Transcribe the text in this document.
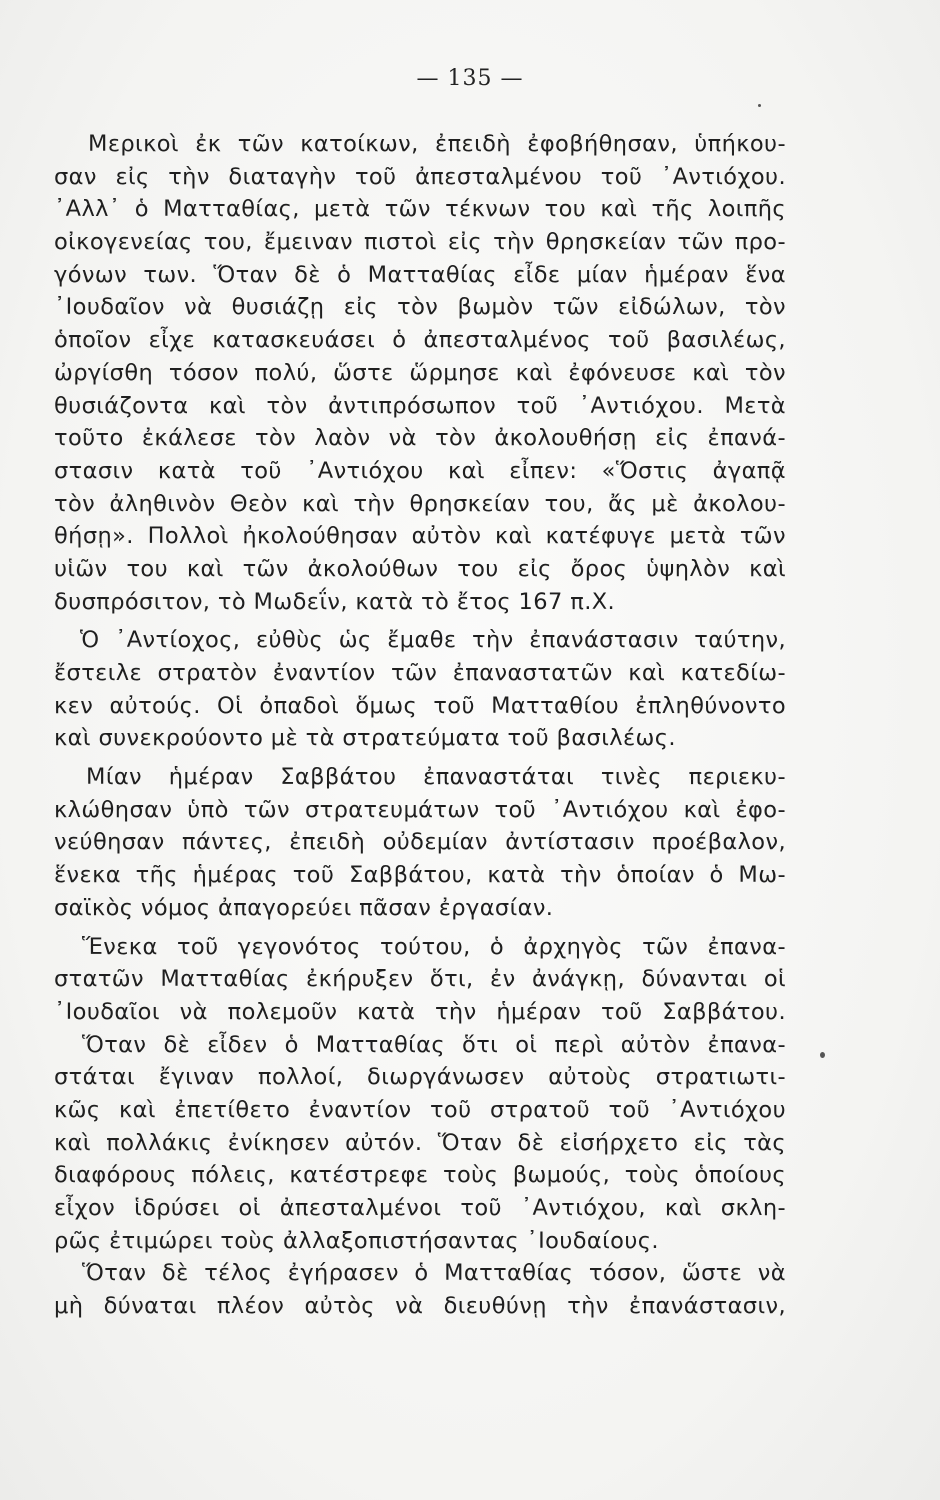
— 135 —
Μερικοὶ ἐκ τῶν κατοίκων, ἐπειδὴ ἐφοβήθησαν, ὑπήκου-
σαν εἰς τὴν διαταγὴν τοῦ ἀπεσταλμένου τοῦ ᾽Αντιόχου.
᾽Αλλ᾽ ὁ Ματταθίας, μετὰ τῶν τέκνων του καὶ τῆς λοιπῆς
οἰκογενείας του, ἔμειναν πιστοὶ εἰς τὴν θρησκείαν τῶν προ-
γόνων των. Ὅταν δὲ ὁ Ματταθίας εἶδε μίαν ἡμέραν ἕνα
᾽Ιουδαῖον νὰ θυσιάζῃ εἰς τὸν βωμὸν τῶν εἰδώλων, τὸν
ὁποῖον εἶχε κατασκευάσει ὁ ἀπεσταλμένος τοῦ βασιλέως,
ὠργίσθη τόσον πολύ, ὥστε ὥρμησε καὶ ἐφόνευσε καὶ τὸν
θυσιάζοντα καὶ τὸν ἀντιπρόσωπον τοῦ ᾽Αντιόχου. Μετὰ
τοῦτο ἐκάλεσε τὸν λαὸν νὰ τὸν ἀκολουθήσῃ εἰς ἐπανά-
στασιν κατὰ τοῦ ᾽Αντιόχου καὶ εἶπεν: «Ὅστις ἀγαπᾷ
τὸν ἀληθινὸν Θεὸν καὶ τὴν θρησκείαν του, ἄς μὲ ἀκολου-
θήσῃ». Πολλοὶ ἠκολούθησαν αὐτὸν καὶ κατέφυγε μετὰ τῶν
υἱῶν του καὶ τῶν ἀκολούθων του εἰς ὄρος ὑψηλὸν καὶ
δυσπρόσιτον, τὸ Μωδεΐν, κατὰ τὸ ἔτος 167 π.Χ.
Ὁ ᾽Αντίοχος, εὐθὺς ὡς ἔμαθε τὴν ἐπανάστασιν ταύτην,
ἔστειλε στρατὸν ἐναντίον τῶν ἐπαναστατῶν καὶ κατεδίω-
κεν αὐτούς. Οἱ ὀπαδοὶ ὅμως τοῦ Ματταθίου ἐπληθύνοντο
καὶ συνεκρούοντο μὲ τὰ στρατεύματα τοῦ βασιλέως.
Μίαν ἡμέραν Σαββάτου ἐπαναστάται τινὲς περιεκυ-
κλώθησαν ὑπὸ τῶν στρατευμάτων τοῦ ᾽Αντιόχου καὶ ἐφο-
νεύθησαν πάντες, ἐπειδὴ οὐδεμίαν ἀντίστασιν προέβαλον,
ἕνεκα τῆς ἡμέρας τοῦ Σαββάτου, κατὰ τὴν ὁποίαν ὁ Μω-
σαϊκὸς νόμος ἀπαγορεύει πᾶσαν ἐργασίαν.
Ἕνεκα τοῦ γεγονότος τούτου, ὁ ἀρχηγὸς τῶν ἐπανα-
στατῶν Ματταθίας ἐκήρυξεν ὅτι, ἐν ἀνάγκῃ, δύνανται οἱ
᾽Ιουδαῖοι νὰ πολεμοῦν κατὰ τὴν ἡμέραν τοῦ Σαββάτου.
Ὅταν δὲ εἶδεν ὁ Ματταθίας ὅτι οἱ περὶ αὐτὸν ἐπανα-
στάται ἔγιναν πολλοί, διωργάνωσεν αὐτοὺς στρατιωτι-
κῶς καὶ ἐπετίθετο ἐναντίον τοῦ στρατοῦ τοῦ ᾽Αντιόχου
καὶ πολλάκις ἐνίκησεν αὐτόν. Ὅταν δὲ εἰσήρχετο εἰς τὰς
διαφόρους πόλεις, κατέστρεφε τοὺς βωμούς, τοὺς ὁποίους
εἶχον ἱδρύσει οἱ ἀπεσταλμένοι τοῦ ᾽Αντιόχου, καὶ σκλη-
ρῶς ἐτιμώρει τοὺς ἀλλαξοπιστήσαντας ᾽Ιουδαίους.
Ὅταν δὲ τέλος ἐγήρασεν ὁ Ματταθίας τόσον, ὥστε νὰ
μὴ δύναται πλέον αὐτὸς νὰ διευθύνῃ τὴν ἐπανάστασιν,
